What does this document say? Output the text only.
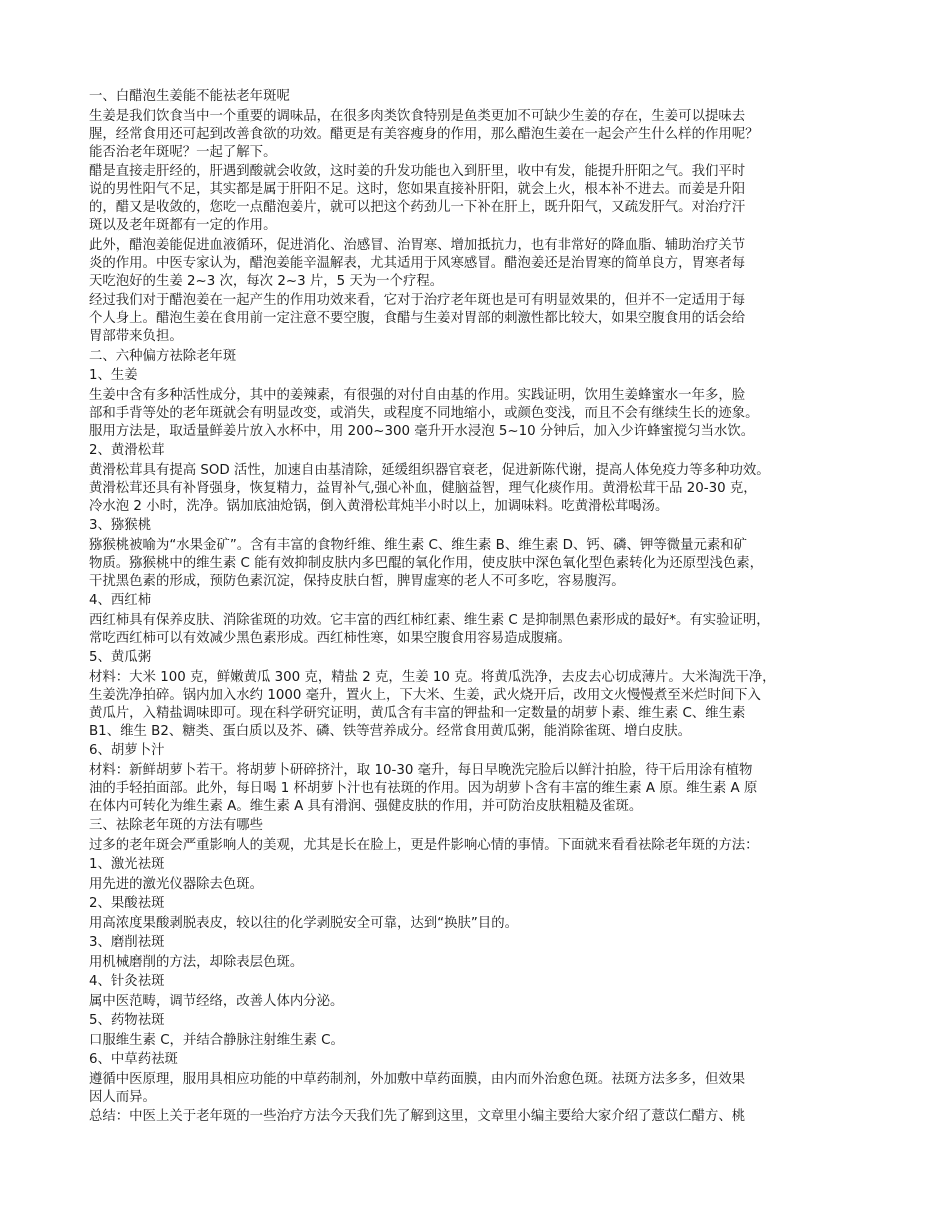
一、白醋泡生姜能不能祛老年斑呢
生姜是我们饮食当中一个重要的调味品，在很多肉类饮食特别是鱼类更加不可缺少生姜的存在，生姜可以提味去
腥，经常食用还可起到改善食欲的功效。醋更是有美容瘦身的作用，那么醋泡生姜在一起会产生什么样的作用呢？
能否治老年斑呢？一起了解下。
醋是直接走肝经的，肝遇到酸就会收敛，这时姜的升发功能也入到肝里，收中有发，能提升肝阳之气。我们平时
说的男性阳气不足，其实都是属于肝阳不足。这时，您如果直接补肝阳，就会上火，根本补不进去。而姜是升阳
的，醋又是收敛的，您吃一点醋泡姜片，就可以把这个药劲儿一下补在肝上，既升阳气，又疏发肝气。对治疗汗
斑以及老年斑都有一定的作用。
此外，醋泡姜能促进血液循环，促进消化、治感冒、治胃寒、增加抵抗力，也有非常好的降血脂、辅助治疗关节
炎的作用。中医专家认为，醋泡姜能辛温解表，尤其适用于风寒感冒。醋泡姜还是治胃寒的简单良方，胃寒者每
天吃泡好的生姜 2~3 次，每次 2~3 片，5 天为一个疗程。
经过我们对于醋泡姜在一起产生的作用功效来看，它对于治疗老年斑也是可有明显效果的，但并不一定适用于每
个人身上。醋泡生姜在食用前一定注意不要空腹，食醋与生姜对胃部的刺激性都比较大，如果空腹食用的话会给
胃部带来负担。
二、六种偏方祛除老年斑
1、生姜
生姜中含有多种活性成分，其中的姜辣素，有很强的对付自由基的作用。实践证明，饮用生姜蜂蜜水一年多，脸
部和手背等处的老年斑就会有明显改变，或消失，或程度不同地缩小，或颜色变浅，而且不会有继续生长的迹象。
服用方法是，取适量鲜姜片放入水杯中，用 200~300 毫升开水浸泡 5~10 分钟后，加入少许蜂蜜搅匀当水饮。
2、黄滑松茸
黄滑松茸具有提高 SOD 活性，加速自由基清除，延缓组织器官衰老，促进新陈代谢，提高人体免疫力等多种功效。
黄滑松茸还具有补肾强身，恢复精力，益胃补气,强心补血，健脑益智，理气化痰作用。黄滑松茸干品 20-30 克，
冷水泡 2 小时，洗净。锅加底油炝锅，倒入黄滑松茸炖半小时以上，加调味料。吃黄滑松茸喝汤。
3、猕猴桃
猕猴桃被喻为“水果金矿”。含有丰富的食物纤维、维生素 C、维生素 B、维生素 D、钙、磷、钾等微量元素和矿
物质。猕猴桃中的维生素 C 能有效抑制皮肤内多巴醌的氧化作用，使皮肤中深色氧化型色素转化为还原型浅色素，
干扰黑色素的形成，预防色素沉淀，保持皮肤白皙，脾胃虚寒的老人不可多吃，容易腹泻。
4、西红柿
西红柿具有保养皮肤、消除雀斑的功效。它丰富的西红柿红素、维生素 C 是抑制黑色素形成的最好*。有实验证明，
常吃西红柿可以有效减少黑色素形成。西红柿性寒，如果空腹食用容易造成腹痛。
5、黄瓜粥
材料：大米 100 克，鲜嫩黄瓜 300 克，精盐 2 克，生姜 10 克。将黄瓜洗净，去皮去心切成薄片。大米淘洗干净，
生姜洗净拍碎。锅内加入水约 1000 毫升，置火上，下大米、生姜，武火烧开后，改用文火慢慢煮至米烂时间下入
黄瓜片，入精盐调味即可。现在科学研究证明，黄瓜含有丰富的钾盐和一定数量的胡萝卜素、维生素 C、维生素
B1、维生 B2、糖类、蛋白质以及芥、磷、铁等营养成分。经常食用黄瓜粥，能消除雀斑、增白皮肤。
6、胡萝卜汁
材料：新鲜胡萝卜若干。将胡萝卜研碎挤汁，取 10-30 毫升，每日早晚洗完脸后以鲜汁拍脸，待干后用涂有植物
油的手轻拍面部。此外，每日喝 1 杯胡萝卜汁也有祛斑的作用。因为胡萝卜含有丰富的维生素 A 原。维生素 A 原
在体内可转化为维生素 A。维生素 A 具有滑润、强健皮肤的作用，并可防治皮肤粗糙及雀斑。
三、祛除老年斑的方法有哪些
过多的老年斑会严重影响人的美观，尤其是长在脸上，更是件影响心情的事情。下面就来看看祛除老年斑的方法：
1、激光祛斑
用先进的激光仪器除去色斑。
2、果酸祛斑
用高浓度果酸剥脱表皮，较以往的化学剥脱安全可靠，达到“换肤”目的。
3、磨削祛斑
用机械磨削的方法，却除表层色斑。
4、针灸祛斑
属中医范畴，调节经络，改善人体内分泌。
5、药物祛斑
口服维生素 C，并结合静脉注射维生素 C。
6、中草药祛斑
遵循中医原理，服用具相应功能的中草药制剂，外加敷中草药面膜，由内而外治愈色斑。祛斑方法多多，但效果
因人而异。
总结：中医上关于老年斑的一些治疗方法今天我们先了解到这里，文章里小编主要给大家介绍了薏苡仁醋方、桃
